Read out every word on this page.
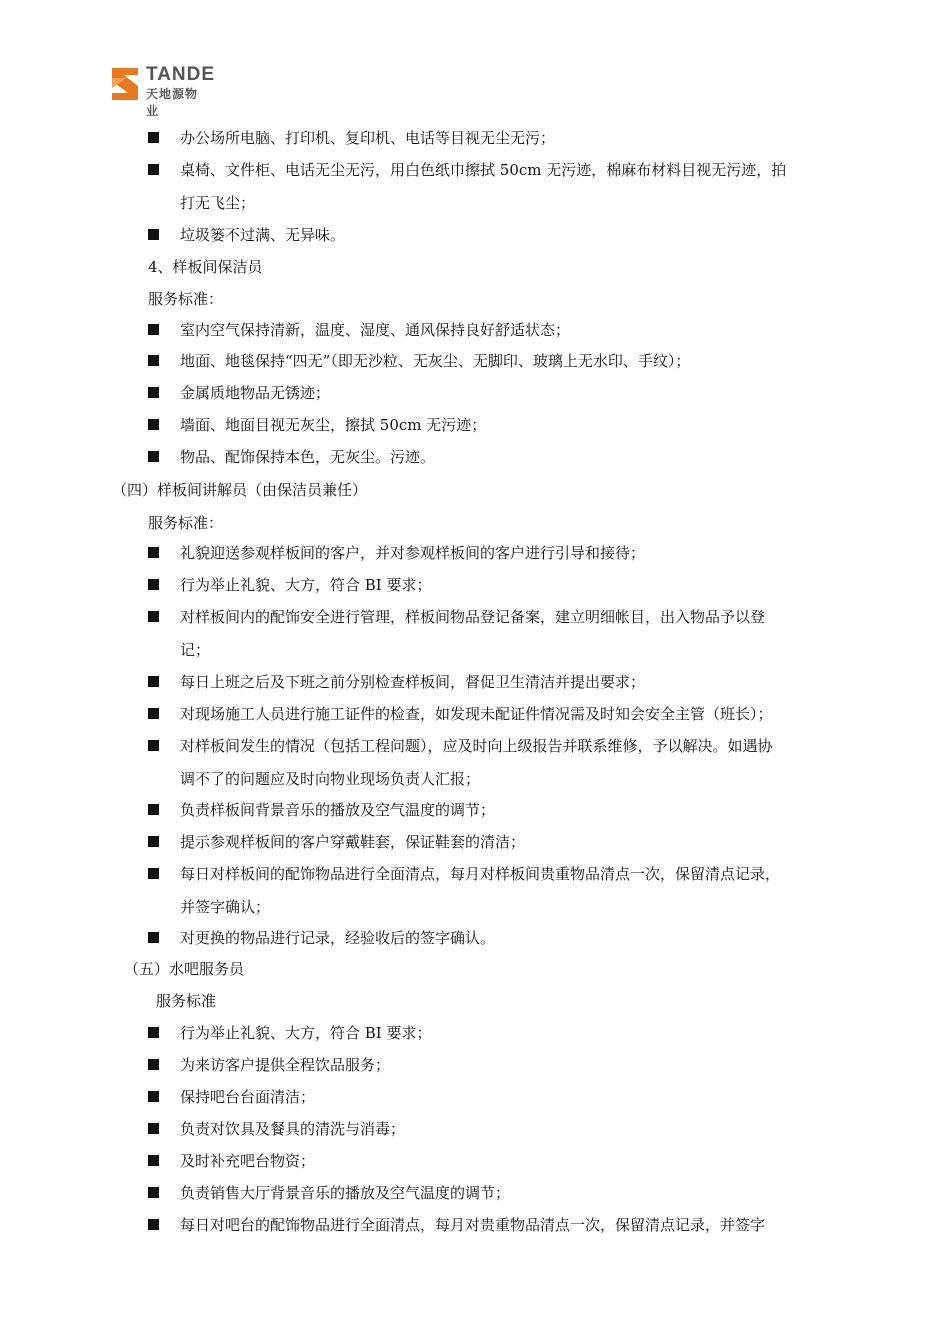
TANDE
天地源物业
办公场所电脑、打印机、复印机、电话等目视无尘无污；
桌椅、文件柜、电话无尘无污，用白色纸巾擦拭 50cm 无污迹，棉麻布材料目视无污迹，拍
打无飞尘；
垃圾篓不过满、无异味。
4、样板间保洁员
服务标准：
室内空气保持清新，温度、湿度、通风保持良好舒适状态；
地面、地毯保持“四无”（即无沙粒、无灰尘、无脚印、玻璃上无水印、手纹）；
金属质地物品无锈迹；
墙面、地面目视无灰尘，擦拭 50cm 无污迹；
物品、配饰保持本色，无灰尘。污迹。
（四）样板间讲解员（由保洁员兼任）
服务标准：
礼貌迎送参观样板间的客户，并对参观样板间的客户进行引导和接待；
行为举止礼貌、大方，符合 BI 要求；
对样板间内的配饰安全进行管理，样板间物品登记备案，建立明细帐目，出入物品予以登
记；
每日上班之后及下班之前分别检查样板间，督促卫生清洁并提出要求；
对现场施工人员进行施工证件的检查，如发现未配证件情况需及时知会安全主管（班长）；
对样板间发生的情况（包括工程问题），应及时向上级报告并联系维修，予以解决。如遇协
调不了的问题应及时向物业现场负责人汇报；
负责样板间背景音乐的播放及空气温度的调节；
提示参观样板间的客户穿戴鞋套，保证鞋套的清洁；
每日对样板间的配饰物品进行全面清点，每月对样板间贵重物品清点一次，保留清点记录，
并签字确认；
对更换的物品进行记录，经验收后的签字确认。
（五）水吧服务员
服务标准
行为举止礼貌、大方，符合 BI 要求；
为来访客户提供全程饮品服务；
保持吧台台面清洁；
负责对饮具及餐具的清洗与消毒；
及时补充吧台物资；
负责销售大厅背景音乐的播放及空气温度的调节；
每日对吧台的配饰物品进行全面清点，每月对贵重物品清点一次，保留清点记录，并签字
